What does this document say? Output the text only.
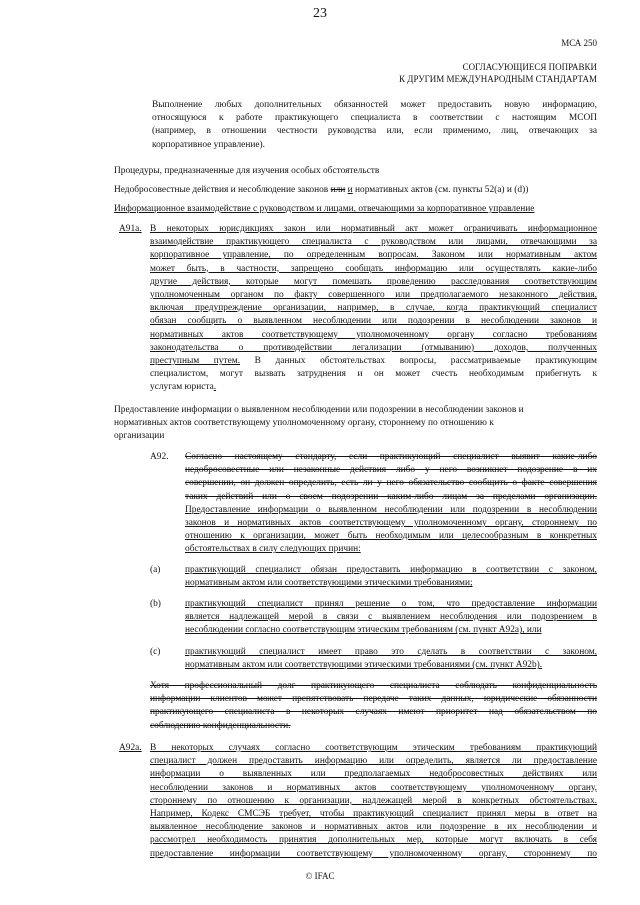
23
МСА 250
СОГЛАСУЮЩИЕСЯ ПОПРАВКИ
К ДРУГИМ МЕЖДУНАРОДНЫМ СТАНДАРТАМ
Выполнение любых дополнительных обязанностей может предоставить новую информацию,
относящуюся к работе практикующего специалиста в соответствии с настоящим МСОП
(например, в отношении честности руководства или, если применимо, лиц, отвечающих за
корпоративное управление).
Процедуры, предназначенные для изучения особых обстоятельств
Недобросовестные действия и несоблюдение законов или и нормативных актов (см. пункты 52(a) и (d))
Информационное взаимодействие с руководством и лицами, отвечающими за корпоративное управление
A91a. В некоторых юрисдикциях закон или нормативный акт может ограничивать информационное
взаимодействие практикующего специалиста с руководством или лицами, отвечающими за
корпоративное управление, по определенным вопросам. Законом или нормативным актом
может быть, в частности, запрещено сообщать информацию или осуществлять какие-либо
другие действия, которые могут помешать проведению расследования соответствующим
уполномоченным органом по факту совершенного или предполагаемого незаконного действия,
включая предупреждение организации, например, в случае, когда практикующий специалист
обязан сообщить о выявленном несоблюдении или подозрении в несоблюдении законов и
нормативных актов соответствующему уполномоченному органу согласно требованиям
законодательства о противодействии легализации (отмыванию) доходов, полученных
преступным путем. В данных обстоятельствах вопросы, рассматриваемые практикующим
специалистом, могут вызвать затруднения и он может счесть необходимым прибегнуть к
услугам юриста.
Предоставление информации о выявленном несоблюдении или подозрении в несоблюдении законов и
нормативных актов соответствующему уполномоченному органу, стороннему по отношению к
организации
A92.	Согласно настоящему стандарту, если практикующий специалист выявит какие-либо
недобросовестные или незаконные действия либо у него возникнет подозрение в их
совершении, он должен определить, есть ли у него обязательство сообщить о факте совершения
таких действий или о своем подозрении каким-либо лицам за пределами организации.
Предоставление информации о выявленном несоблюдении или подозрении в несоблюдении
законов и нормативных актов соответствующему уполномоченному органу, стороннему по
отношению к организации, может быть необходимым или целесообразным в конкретных
обстоятельствах в силу следующих причин:
(a)	практикующий специалист обязан предоставить информацию в соответствии с законом,
нормативным актом или соответствующими этическими требованиями;
(b)	практикующий специалист принял решение о том, что предоставление информации
является надлежащей мерой в связи с выявлением несоблюдения или подозрением в
несоблюдении согласно соответствующим этическим требованиям (см. пункт A92a), или
(c)	практикующий специалист имеет право это сделать в соответствии с законом,
нормативным актом или соответствующими этическими требованиями (см. пункт A92b).
Хотя профессиональный долг практикующего специалиста соблюдать конфиденциальность
информации клиентов может препятствовать передаче таких данных, юридические обязанности
практикующего специалиста в некоторых случаях имеют приоритет над обязательством по
соблюдению конфиденциальности.
A92a. В некоторых случаях согласно соответствующим этическим требованиям практикующий
специалист должен предоставить информацию или определить, является ли предоставление
информации о выявленных или предполагаемых недобросовестных действиях или
несоблюдении законов и нормативных актов соответствующему уполномоченному органу,
стороннему по отношению к организации, надлежащей мерой в конкретных обстоятельствах.
Например, Кодекс СМСЭБ требует, чтобы практикующий специалист принял меры в ответ на
выявленное несоблюдение законов и нормативных актов или подозрение в их несоблюдении и
рассмотрел необходимость принятия дополнительных мер, которые могут включать в себя
предоставление информации соответствующему уполномоченному органу, стороннему по
© IFAC
